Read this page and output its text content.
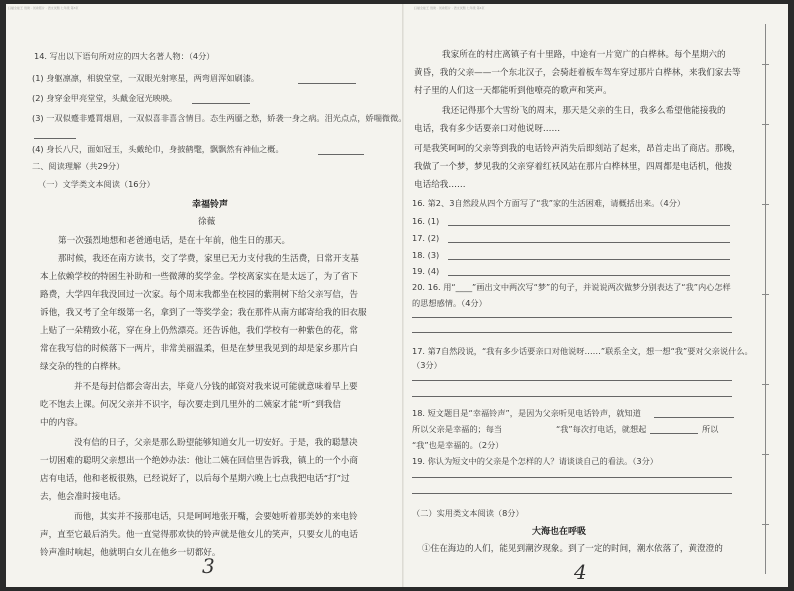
扫描全能王 创建 · 试卷照片 · 语文试题 七年级 第3页
14. 写出以下语句所对应的四大名著人物：（4分）
(1) 身躯凛凛，相貌堂堂，一双眼光射寒星，两弯眉浑如刷漆。
(2) 身穿金甲亮堂堂，头戴金冠光映映。
(3) 一双似蹙非蹙罥烟眉，一双似喜非喜含情目。态生两靥之愁，娇袭一身之病。泪光点点，娇喘微微。
(4) 身长八尺，面如冠玉，头戴纶巾，身披鹤氅，飘飘然有神仙之概。
二、阅读理解（共29分）
（一）文学类文本阅读（16分）
幸福铃声
徐薇
第一次强烈地想和老爸通电话，是在十年前，他生日的那天。
那时候，我还在南方读书，交了学费，家里已无力支付我的生活费，日常开支基
本上依赖学校的特困生补助和一些微薄的奖学金。学校离家实在是太远了，为了省下
路费，大学四年我没回过一次家。每个周末我都坐在校园的紫荆树下给父亲写信，告
诉他，我又考了全年级第一名，拿到了一等奖学金；我在那件从南方邮寄给我的旧衣服
上贴了一朵精致小花，穿在身上仍然漂亮。还告诉他，我们学校有一种紫色的花，常
常在我写信的时候落下一两片，非常美丽温柔，但是在梦里我见到的却是家乡那片白
绿交杂的牲的白桦林。
并不是每封信都会寄出去，毕竟八分钱的邮资对我来说可能就意味着早上要
吃不饱去上课。何况父亲并不识字，每次要走到几里外的二姨家才能“听”到我信
中的内容。
没有信的日子，父亲是那么盼望能够知道女儿一切安好。于是，我的聪慧决
一切困难的聪明父亲想出一个绝妙办法：他让二姨在回信里告诉我，镇上的一个小商
店有电话，他和老板很熟，已经说好了，以后每个星期六晚上七点我把电话“打”过
去，他会准时接电话。
而他，其实并不接那电话，只是呵呵地张开嘴，会要她听着那美妙的来电铃
声，直至它最后消失。他一直觉得那欢快的铃声就是他女儿的笑声，只要女儿的电话
铃声准时响起，他就明白女儿在他乡一切都好。
3
扫描全能王 创建 · 试卷照片 · 语文试题 七年级 第4页
我家所在的村庄离镇子有十里路，中途有一片宽广的白桦林。每个星期六的
黄昏，我的父亲——一个东北汉子，会骑赶着板车驾车穿过那片白桦林，来我们家去等
村子里的人们这一天都能听到他嘹亮的歌声和笑声。
我还记得那个大雪纷飞的周末，那天是父亲的生日，我多么希望他能接我的
电话，我有多少话要亲口对他说呀……
可是我笑呵呵的父亲等到我的电话铃声消失后即刻站了起来，昂首走出了商店。那晚，
我做了一个梦，梦见我的父亲穿着红袄风站在那片白桦林里，四周都是电话机，他拨
电话给我……
16. 第2、3自然段从四个方面写了“我”家的生活困难，请概括出来。（4分）
16. (1)
17. (2)
18. (3)
19. (4)
20. 16. 用“____”画出文中两次写“梦”的句子，并说说两次做梦分别表达了“我”内心怎样
的思想感情。（4分）
17. 第7自然段说，“我有多少话要亲口对他说呀……”联系全文，想一想“我”要对父亲说什么。
（3分）
18. 短文题目是“幸福铃声”，是因为父亲听见电话铃声，就知道
所以父亲是幸福的；每当	“我”每次打电话，就想起	所以
“我”也是幸福的。（2分）
19. 你认为短文中的父亲是个怎样的人？请谈谈自己的看法。（3分）
（二）实用类文本阅读（8分）
大海也在呼吸
①住在海边的人们，能见到潮汐现象。到了一定的时间，潮水依落了，黄澄澄的
4
